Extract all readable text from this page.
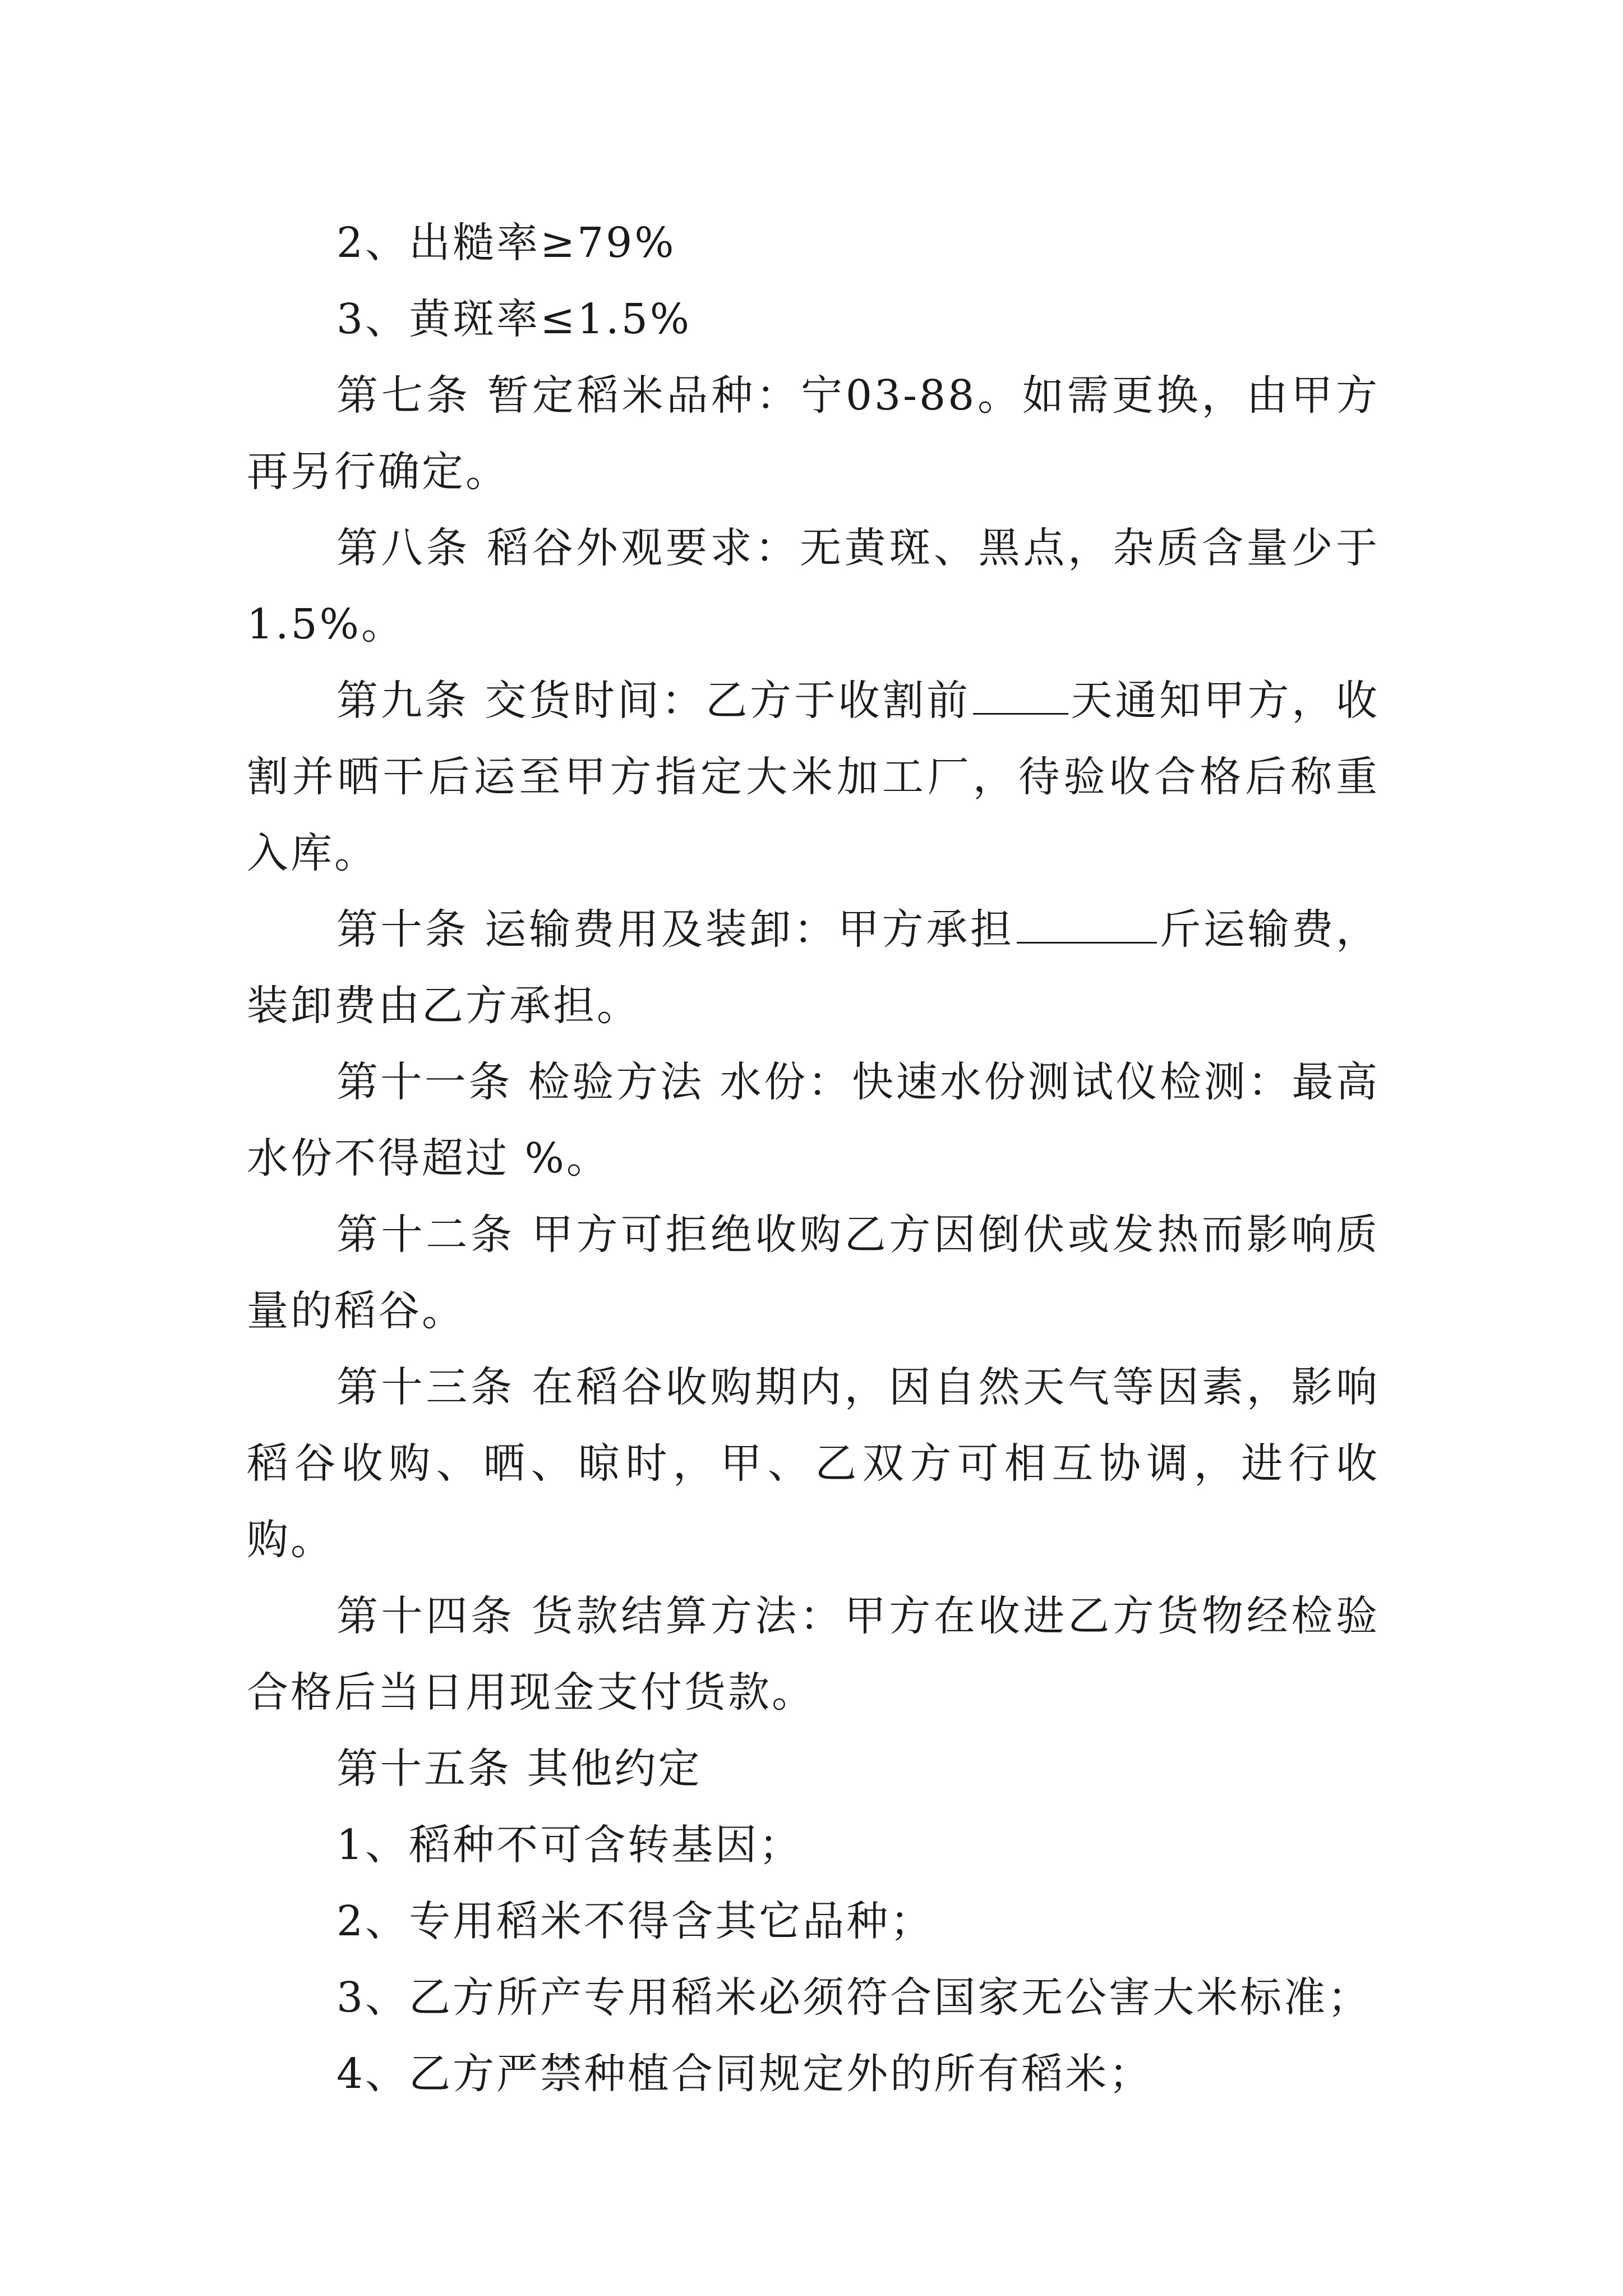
2、出糙率≥79%

3、黄斑率≤1.5%

第七条 暂定稻米品种：宁03-88。如需更换，由甲方再另行确定。

第八条 稻谷外观要求：无黄斑、黑点，杂质含量少于1.5%。

第九条 交货时间：乙方于收割前 天通知甲方，收割并晒干后运至甲方指定大米加工厂，待验收合格后称重入库。

第十条 运输费用及装卸：甲方承担	斤运输费，装卸费由乙方承担。

第十一条 检验方法 水份：快速水份测试仪检测：最高水份不得超过 %。

第十二条 甲方可拒绝收购乙方因倒伏或发热而影响质量的稻谷。

第十三条 在稻谷收购期内，因自然天气等因素，影响稻谷收购、晒、晾时，甲、乙双方可相互协调，进行收购。

第十四条 货款结算方法：甲方在收进乙方货物经检验合格后当日用现金支付货款。

第十五条 其他约定

1、稻种不可含转基因；

2、专用稻米不得含其它品种；

3、乙方所产专用稻米必须符合国家无公害大米标准；

4、乙方严禁种植合同规定外的所有稻米；
